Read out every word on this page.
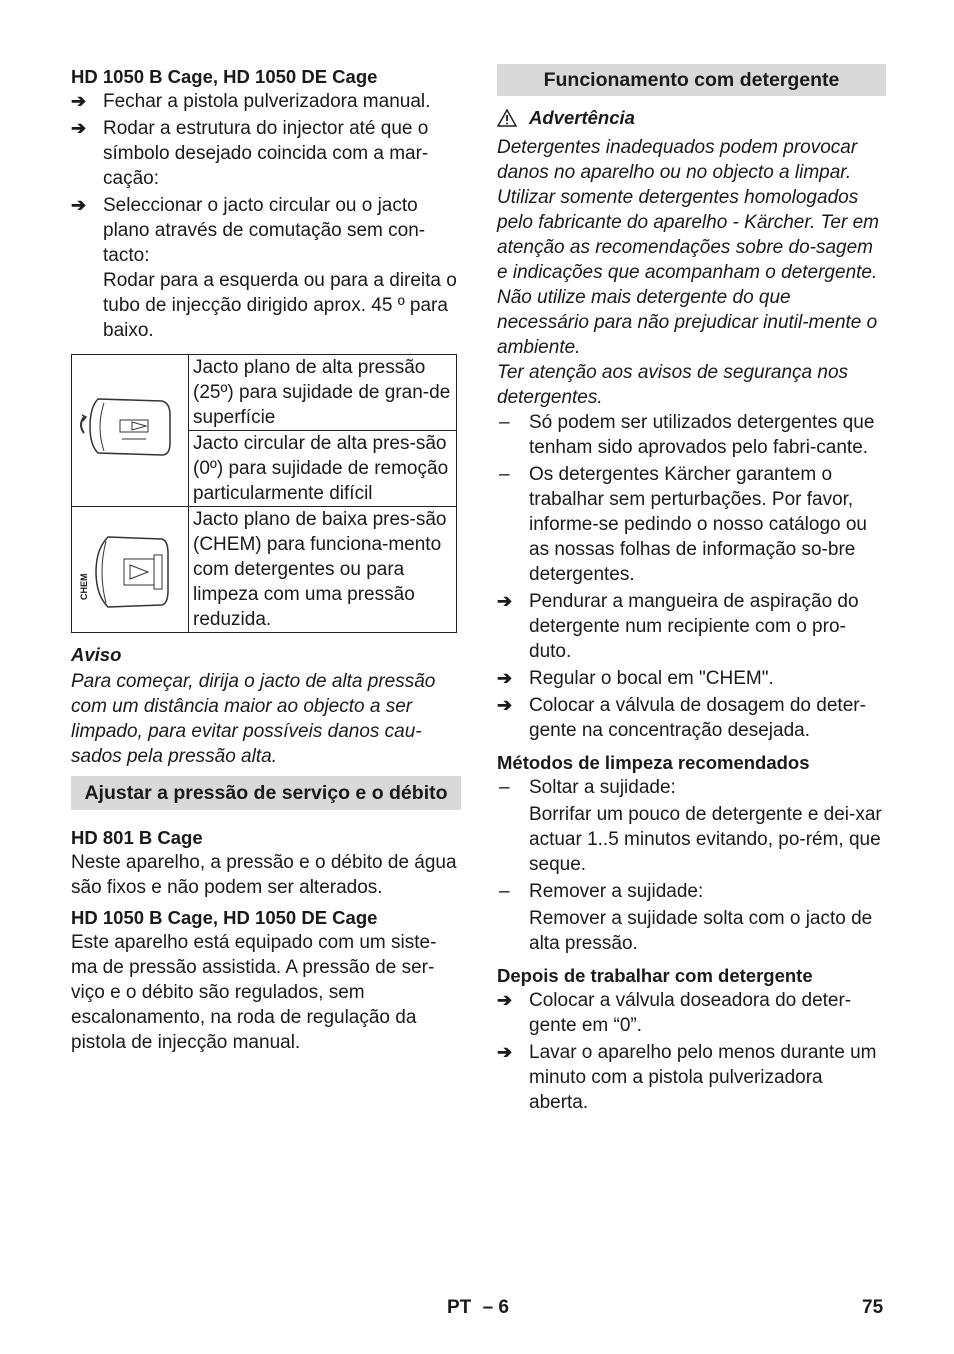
HD 1050 B Cage, HD 1050 DE Cage
➔ Fechar a pistola pulverizadora manual.
➔ Rodar a estrutura do injector até que o símbolo desejado coincida com a mar-cação:
➔ Seleccionar o jacto circular ou o jacto plano através de comutação sem con-tacto:
Rodar para a esquerda ou para a direita o tubo de injecção dirigido aprox. 45 º para baixo.
	Jacto plano de alta pressão (25º) para sujidade de gran-de superfície
	Jacto circular de alta pres-são (0º) para sujidade de remoção particularmente difícil

CHEM	Jacto plano de baixa pres-são (CHEM) para funciona-mento com detergentes ou para limpeza com uma pressão reduzida.
Aviso
Para começar, dirija o jacto de alta pressão com um distância maior ao objecto a ser limpado, para evitar possíveis danos cau-sados pela pressão alta.
Ajustar a pressão de serviço e o débito
HD 801 B Cage
Neste aparelho, a pressão e o débito de água são fixos e não podem ser alterados.
HD 1050 B Cage, HD 1050 DE Cage
Este aparelho está equipado com um siste-ma de pressão assistida. A pressão de ser-viço e o débito são regulados, sem escalonamento, na roda de regulação da pistola de injecção manual.
Funcionamento com detergente
Advertência
Detergentes inadequados podem provocar danos no aparelho ou no objecto a limpar. Utilizar somente detergentes homologados pelo fabricante do aparelho - Kärcher. Ter em atenção as recomendações sobre do-sagem e indicações que acompanham o detergente. Não utilize mais detergente do que necessário para não prejudicar inutil-mente o ambiente.
Ter atenção aos avisos de segurança nos detergentes.
–	Só podem ser utilizados detergentes que tenham sido aprovados pelo fabri-cante.
–	Os detergentes Kärcher garantem o trabalhar sem perturbações. Por favor, informe-se pedindo o nosso catálogo ou as nossas folhas de informação so-bre detergentes.
➔ Pendurar a mangueira de aspiração do detergente num recipiente com o pro-duto.
➔ Regular o bocal em "CHEM".
➔ Colocar a válvula de dosagem do deter-gente na concentração desejada.
Métodos de limpeza recomendados
–	Soltar a sujidade:
Borrifar um pouco de detergente e dei-xar actuar 1..5 minutos evitando, po-rém, que seque.
–	Remover a sujidade:
Remover a sujidade solta com o jacto de alta pressão.
Depois de trabalhar com detergente
➔ Colocar a válvula doseadora do deter-gente em “0”.
➔ Lavar o aparelho pelo menos durante um minuto com a pistola pulverizadora aberta.
PT – 6	75
